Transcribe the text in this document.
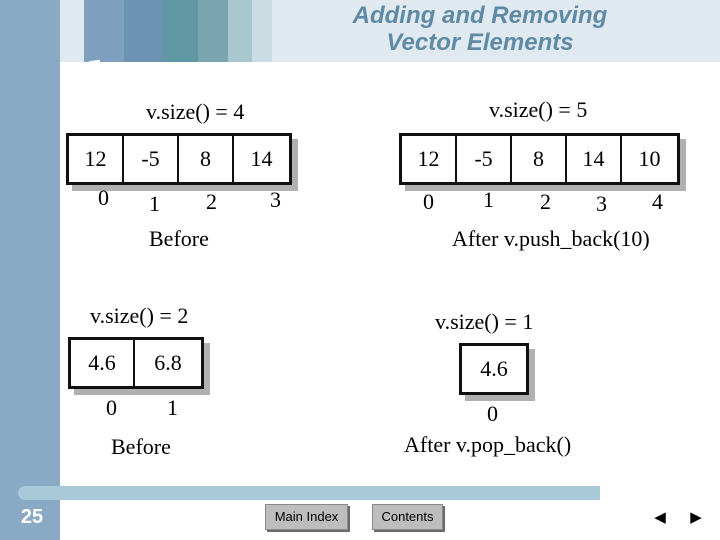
Adding and Removing
Vector Elements
v.size() = 4
12	-5	8	14
0 1 2 3
Before
v.size() = 5
12	-5	8	14	10
0 1 2 3 4
After v.push_back(10)
v.size() = 2
4.6	6.8
0 1
Before
v.size() = 1
4.6
0
After v.pop_back()
25	Main Index	Contents	◀ ▶
